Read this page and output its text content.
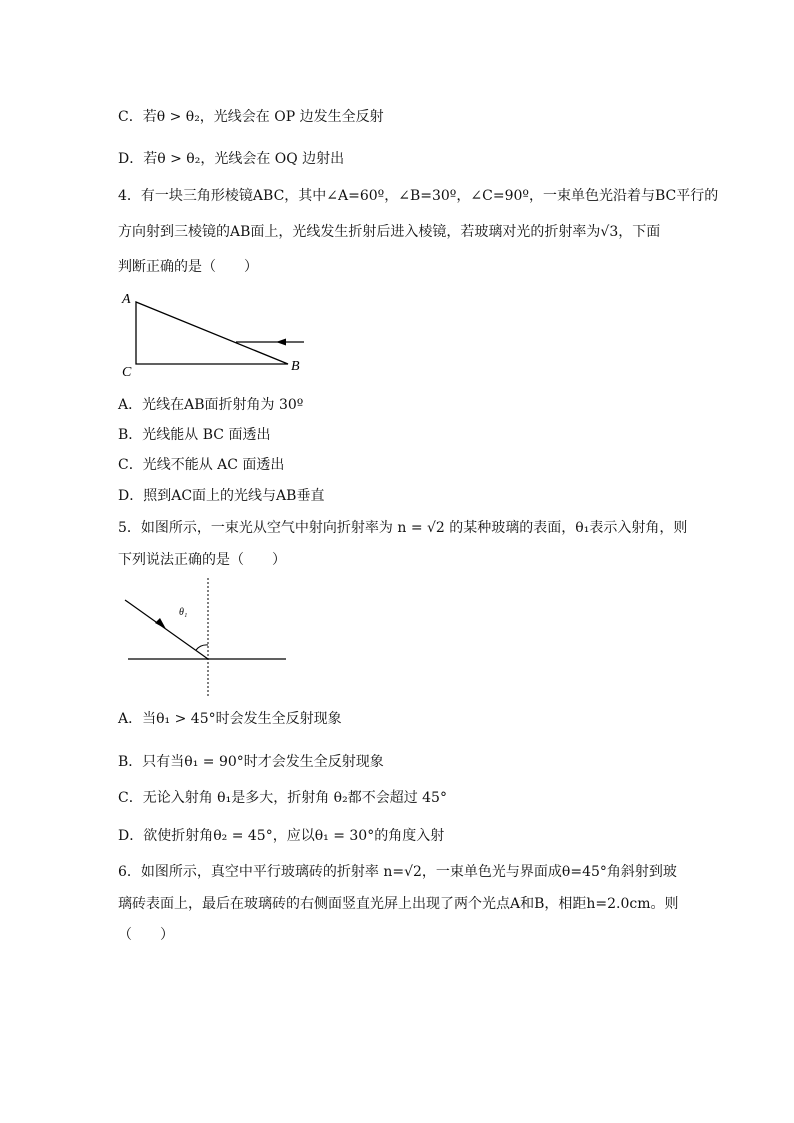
C．若θ > θ₂，光线会在 OP 边发生全反射
D．若θ > θ₂，光线会在 OQ 边射出
4．有一块三角形棱镜ABC，其中∠A=60º，∠B=30º，∠C=90º，一束单色光沿着与BC平行的
方向射到三棱镜的AB面上，光线发生折射后进入棱镜，若玻璃对光的折射率为√3，下面
判断正确的是（　　）
A
C	B
A．光线在AB面折射角为 30º
B．光线能从 BC 面透出
C．光线不能从 AC 面透出
D．照到AC面上的光线与AB垂直
5．如图所示，一束光从空气中射向折射率为 n = √2 的某种玻璃的表面，θ₁表示入射角，则
下列说法正确的是（　　）
θ₁
A．当θ₁ > 45°时会发生全反射现象
B．只有当θ₁ = 90°时才会发生全反射现象
C．无论入射角 θ₁是多大，折射角 θ₂都不会超过 45°
D．欲使折射角θ₂ = 45°，应以θ₁ = 30°的角度入射
6．如图所示，真空中平行玻璃砖的折射率 n=√2，一束单色光与界面成θ=45°角斜射到玻
璃砖表面上，最后在玻璃砖的右侧面竖直光屏上出现了两个光点A和B，相距h=2.0cm。则
（　　）
